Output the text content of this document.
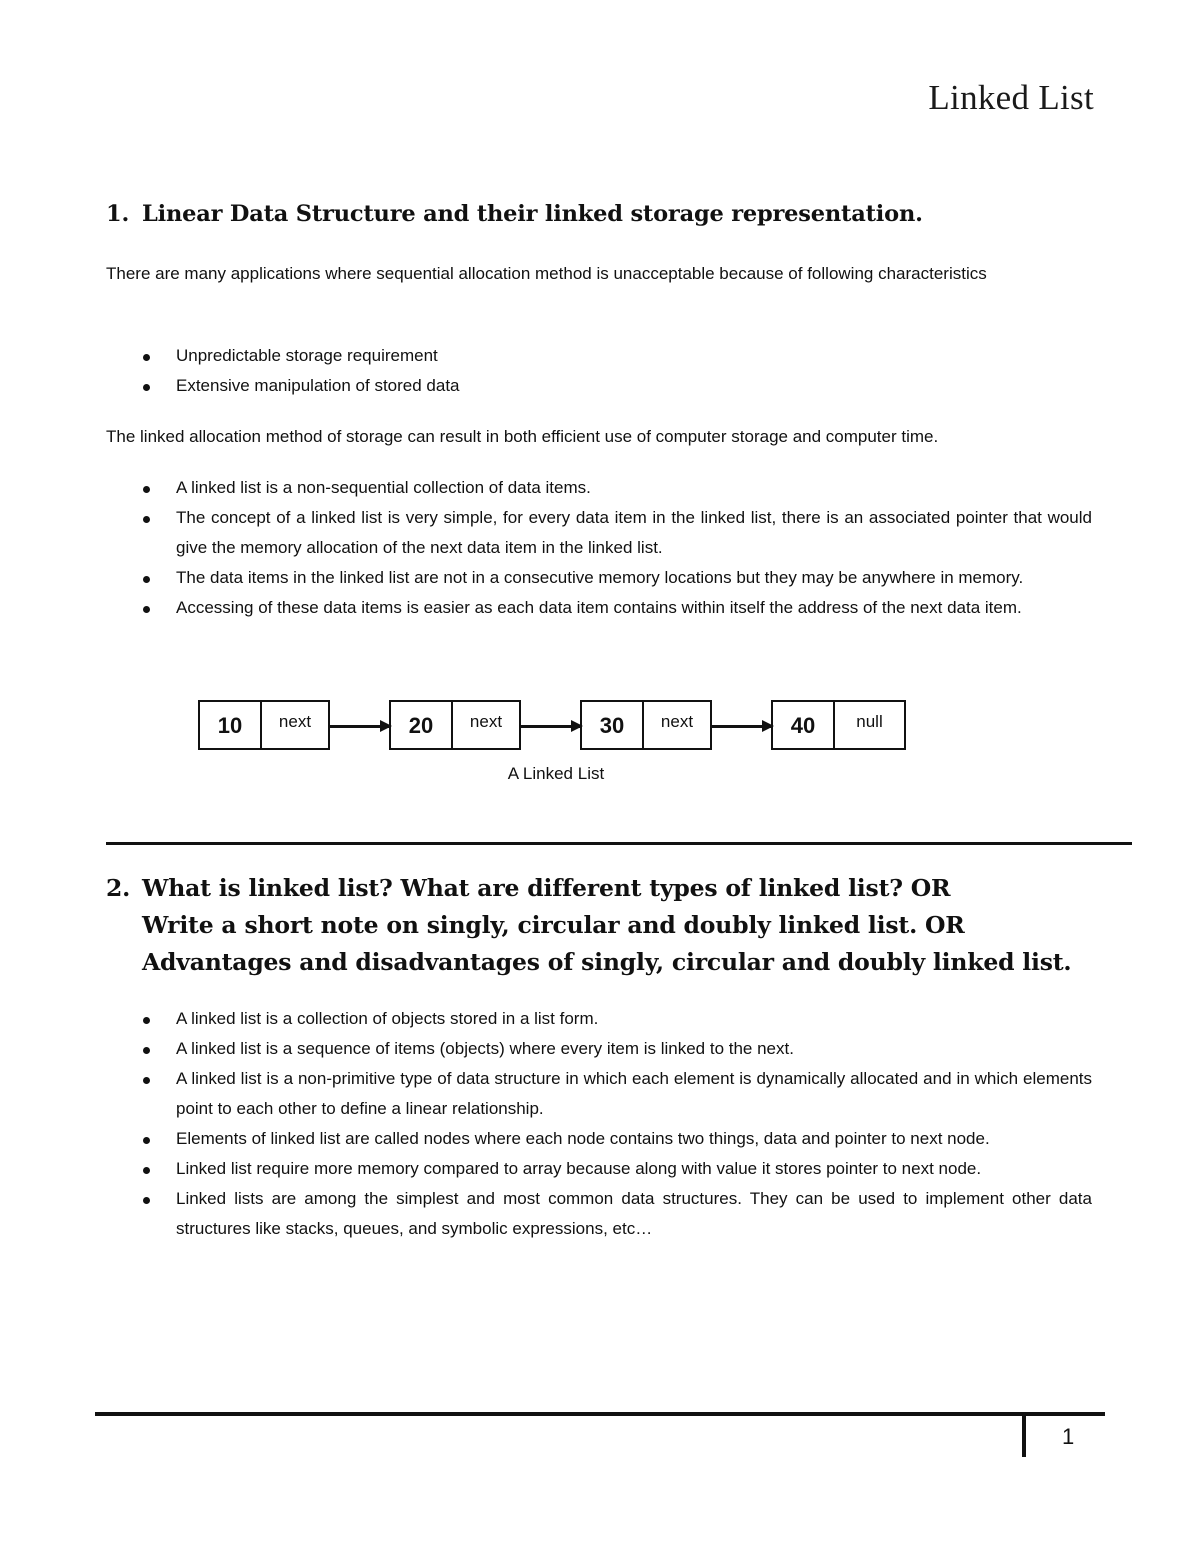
Linked List
1. Linear Data Structure and their linked storage representation.

There are many applications where sequential allocation method is unacceptable because of following characteristics

Unpredictable storage requirement
Extensive manipulation of stored data

The linked allocation method of storage can result in both efficient use of computer storage and computer time.

A linked list is a non-sequential collection of data items.
The concept of a linked list is very simple, for every data item in the linked list, there is an associated pointer that would give the memory allocation of the next data item in the linked list.
The data items in the linked list are not in a consecutive memory locations but they may be anywhere in memory.
Accessing of these data items is easier as each data item contains within itself the address of the next data item.
10	next	20	next	30	next	40	null
A Linked List
2. What is linked list? What are different types of linked list? OR
Write a short note on singly, circular and doubly linked list. OR
Advantages and disadvantages of singly, circular and doubly linked list.
A linked list is a collection of objects stored in a list form.
A linked list is a sequence of items (objects) where every item is linked to the next.
A linked list is a non-primitive type of data structure in which each element is dynamically allocated and in which elements point to each other to define a linear relationship.
Elements of linked list are called nodes where each node contains two things, data and pointer to next node.
Linked list require more memory compared to array because along with value it stores pointer to next node.
Linked lists are among the simplest and most common data structures. They can be used to implement other data structures like stacks, queues, and symbolic expressions, etc…
1
